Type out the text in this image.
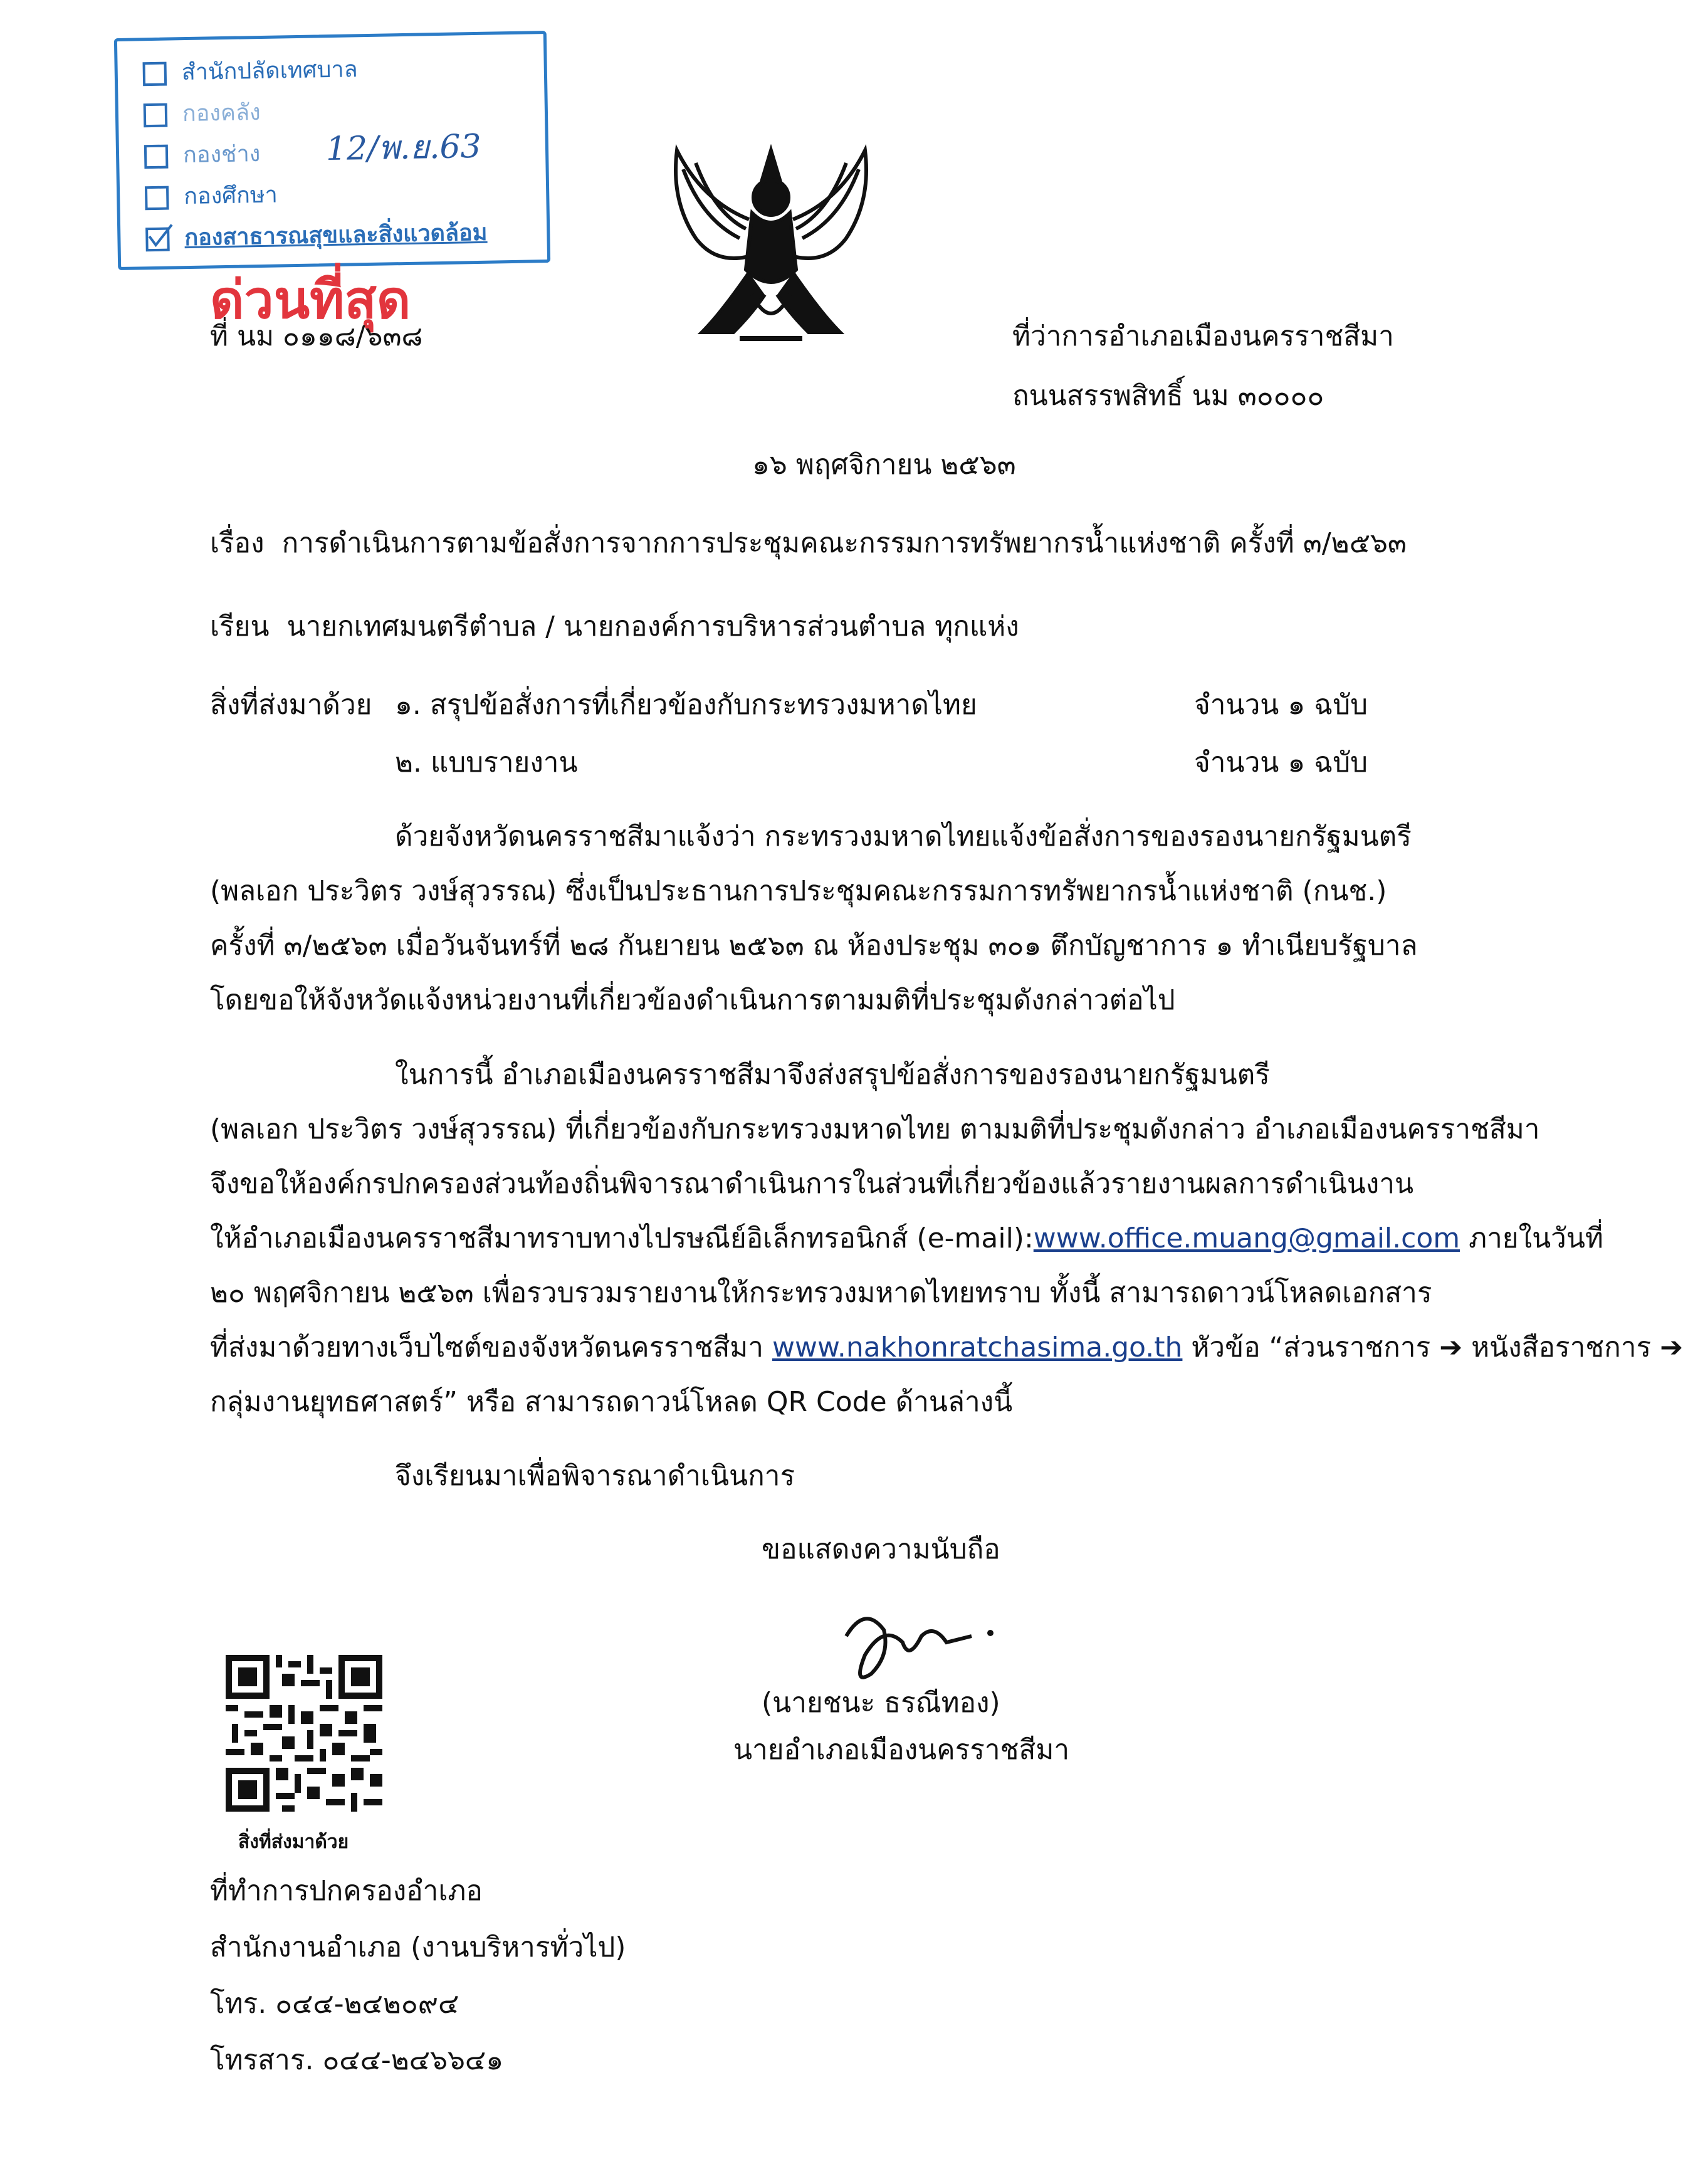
สำนักปลัดเทศบาล
กองคลัง
กองช่าง 12/พ.ย.63
กองศึกษา
กองสาธารณสุขและสิ่งแวดล้อม
ด่วนที่สุด
ที่ นม ๐๑๑๘/๖๓๘	ที่ว่าการอำเภอเมืองนครราชสีมา
ถนนสรรพสิทธิ์ นม ๓๐๐๐๐
๑๖ พฤศจิกายน ๒๕๖๓
เรื่อง การดำเนินการตามข้อสั่งการจากการประชุมคณะกรรมการทรัพยากรน้ำแห่งชาติ ครั้งที่ ๓/๒๕๖๓
เรียน นายกเทศมนตรีตำบล / นายกองค์การบริหารส่วนตำบล ทุกแห่ง
สิ่งที่ส่งมาด้วย ๑. สรุปข้อสั่งการที่เกี่ยวข้องกับกระทรวงมหาดไทย	จำนวน ๑ ฉบับ
๒. แบบรายงาน	จำนวน ๑ ฉบับ
ด้วยจังหวัดนครราชสีมาแจ้งว่า กระทรวงมหาดไทยแจ้งข้อสั่งการของรองนายกรัฐมนตรี
(พลเอก ประวิตร วงษ์สุวรรณ) ซึ่งเป็นประธานการประชุมคณะกรรมการทรัพยากรน้ำแห่งชาติ (กนช.)
ครั้งที่ ๓/๒๕๖๓ เมื่อวันจันทร์ที่ ๒๘ กันยายน ๒๕๖๓ ณ ห้องประชุม ๓๐๑ ตึกบัญชาการ ๑ ทำเนียบรัฐบาล
โดยขอให้จังหวัดแจ้งหน่วยงานที่เกี่ยวข้องดำเนินการตามมติที่ประชุมดังกล่าวต่อไป
ในการนี้ อำเภอเมืองนครราชสีมาจึงส่งสรุปข้อสั่งการของรองนายกรัฐมนตรี
(พลเอก ประวิตร วงษ์สุวรรณ) ที่เกี่ยวข้องกับกระทรวงมหาดไทย ตามมติที่ประชุมดังกล่าว อำเภอเมืองนครราชสีมา
จึงขอให้องค์กรปกครองส่วนท้องถิ่นพิจารณาดำเนินการในส่วนที่เกี่ยวข้องแล้วรายงานผลการดำเนินงาน
ให้อำเภอเมืองนครราชสีมาทราบทางไปรษณีย์อิเล็กทรอนิกส์ (e-mail):www.office.muang@gmail.com ภายในวันที่
๒๐ พฤศจิกายน ๒๕๖๓ เพื่อรวบรวมรายงานให้กระทรวงมหาดไทยทราบ ทั้งนี้ สามารถดาวน์โหลดเอกสาร
ที่ส่งมาด้วยทางเว็บไซต์ของจังหวัดนครราชสีมา www.nakhonratchasima.go.th หัวข้อ “ส่วนราชการ ➔ หนังสือราชการ ➔
กลุ่มงานยุทธศาสตร์” หรือ สามารถดาวน์โหลด QR Code ด้านล่างนี้
จึงเรียนมาเพื่อพิจารณาดำเนินการ
ขอแสดงความนับถือ
(นายชนะ ธรณีทอง)
นายอำเภอเมืองนครราชสีมา
สิ่งที่ส่งมาด้วย
ที่ทำการปกครองอำเภอ
สำนักงานอำเภอ (งานบริหารทั่วไป)
โทร. ๐๔๔-๒๔๒๐๙๔
โทรสาร. ๐๔๔-๒๔๖๖๔๑
